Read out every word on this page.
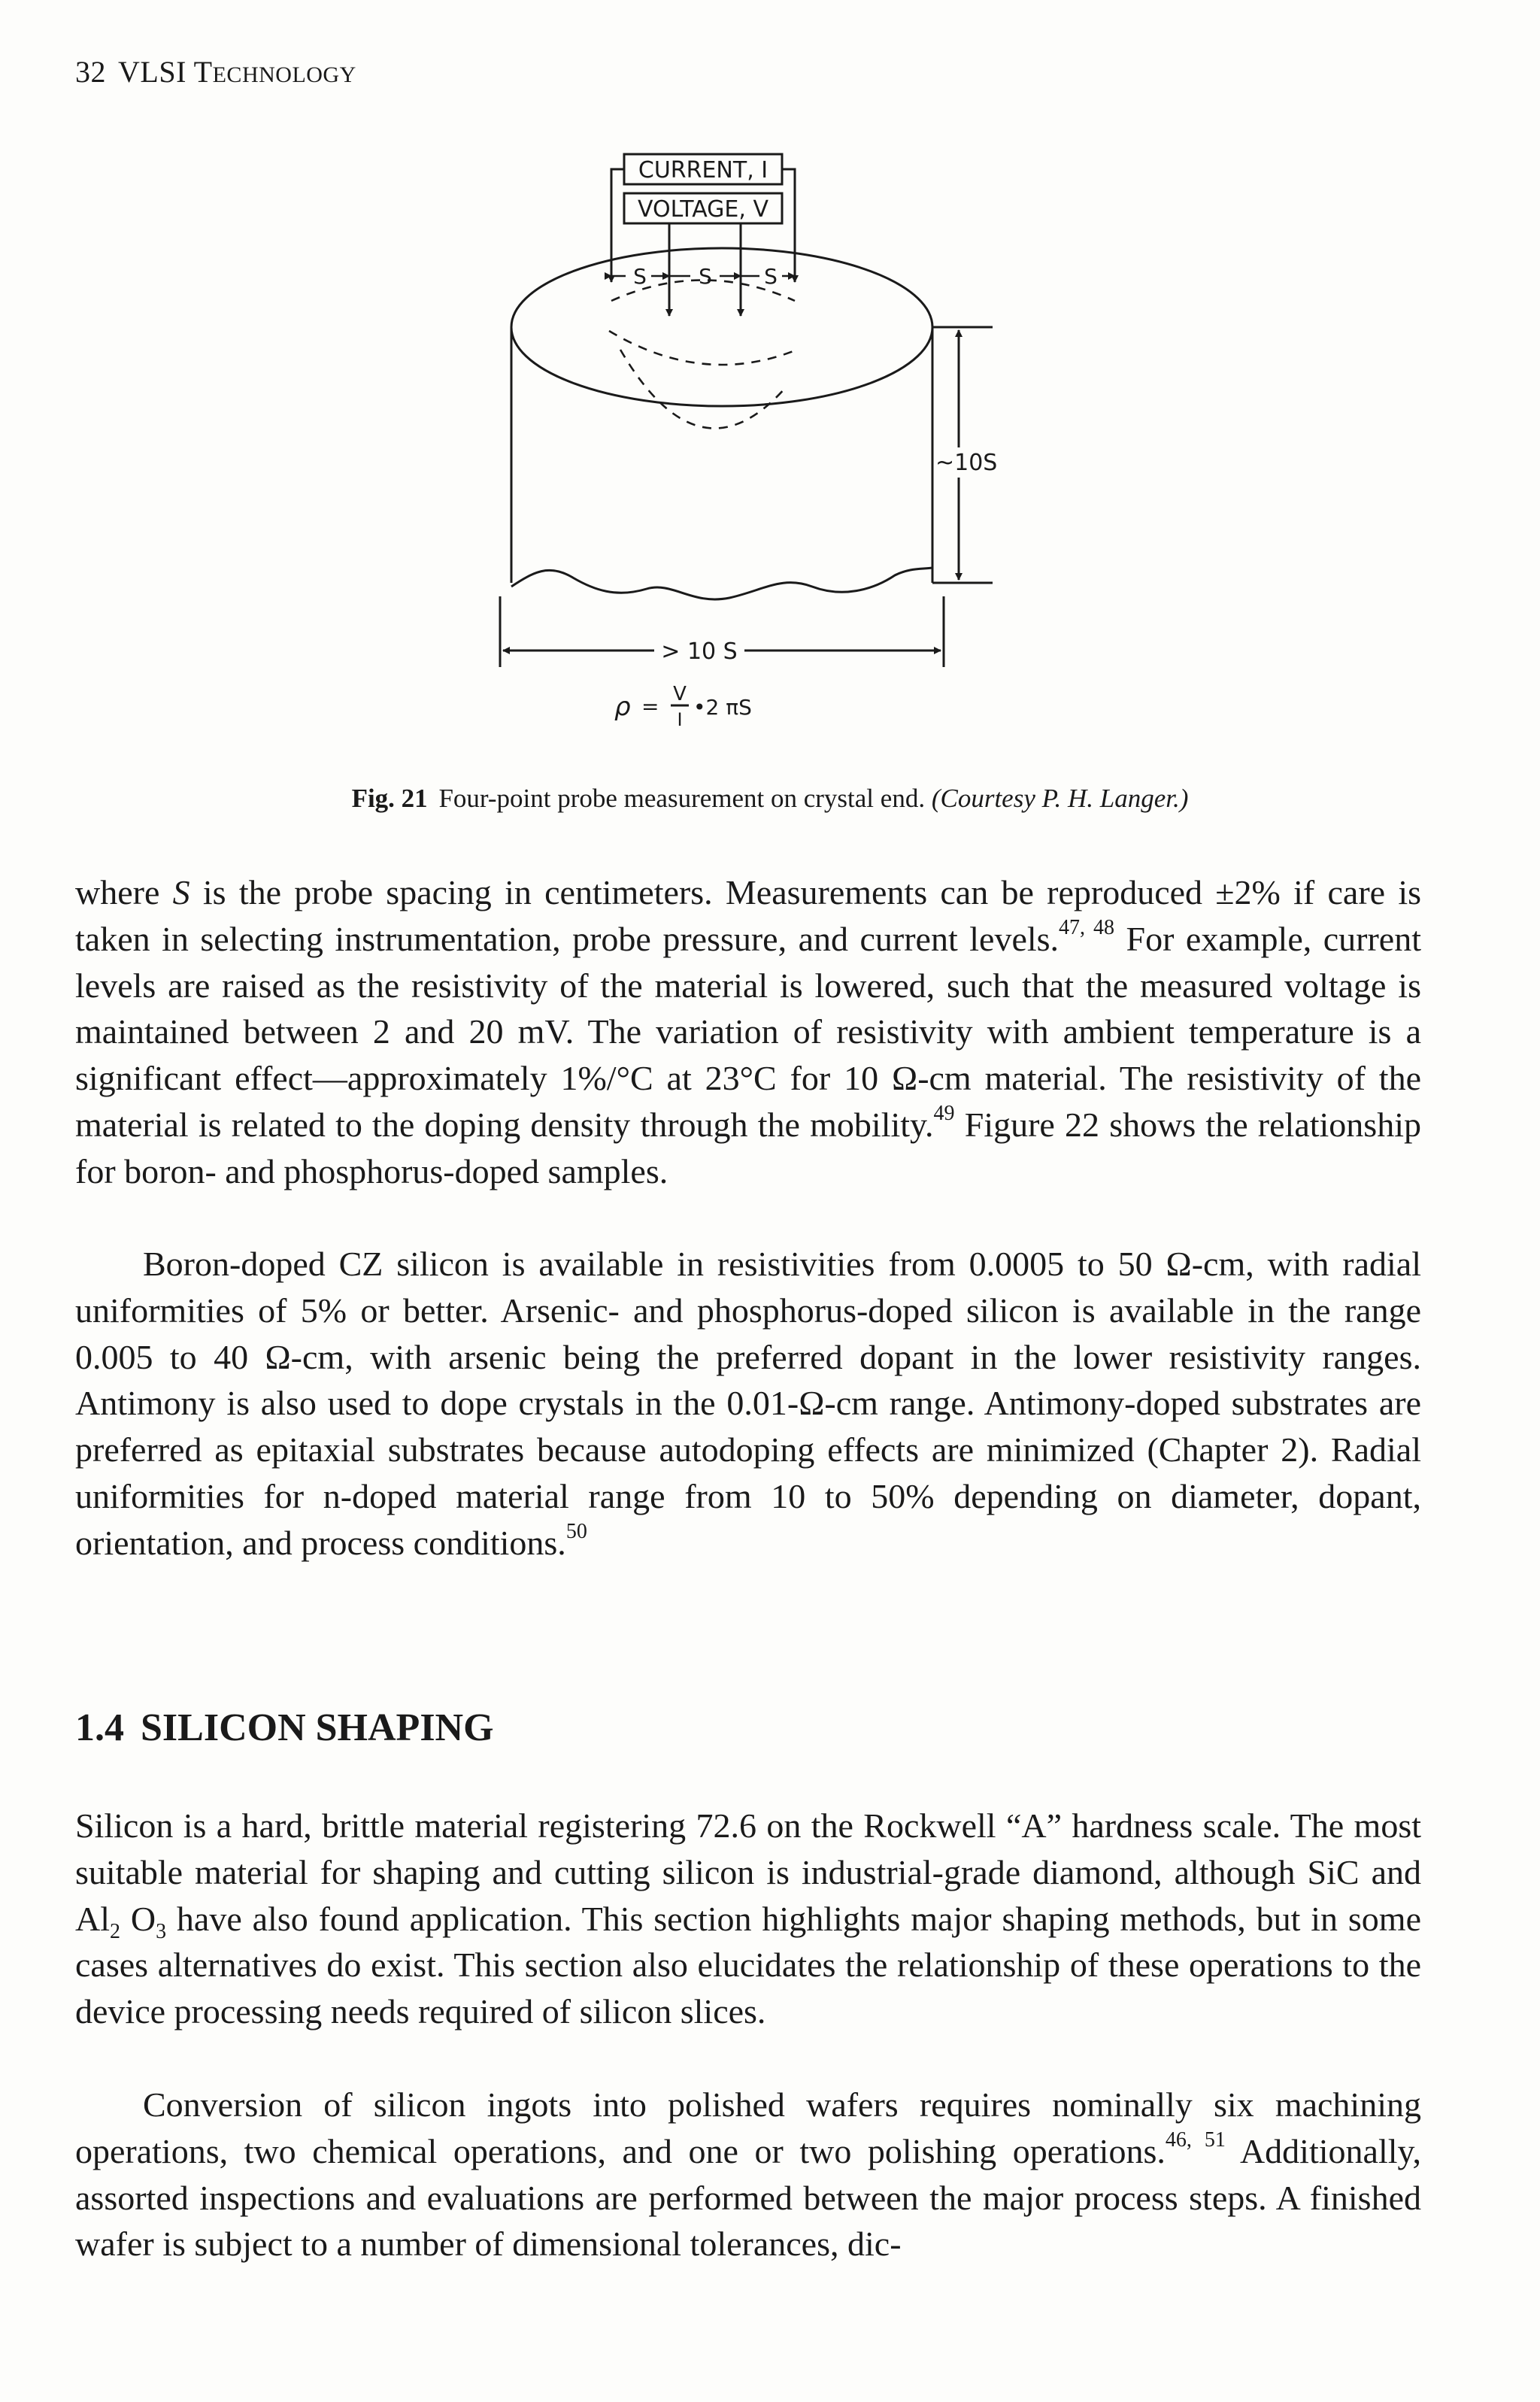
32 VLSI TECHNOLOGY
CURRENT, I
VOLTAGE, V
S S S
~10S
> 10 S
ρ = V
I •2 πS
Fig. 21 Four-point probe measurement on crystal end. (Courtesy P. H. Langer.)

where S is the probe spacing in centimeters. Measurements can be reproduced ±2% if care is taken in selecting instrumentation, probe pressure, and current levels.$^{47, 48}$ For example, current levels are raised as the resistivity of the material is lowered, such that the measured voltage is maintained between 2 and 20 mV. The variation of resistivity with ambient temperature is a significant effect—approximately 1%/°C at 23°C for 10 Ω-cm material. The resistivity of the material is related to the doping density through the mobility.$^{49}$ Figure 22 shows the relationship for boron- and phosphorus-doped samples.

Boron-doped CZ silicon is available in resistivities from 0.0005 to 50 Ω-cm, with radial uniformities of 5% or better. Arsenic- and phosphorus-doped silicon is available in the range 0.005 to 40 Ω-cm, with arsenic being the preferred dopant in the lower resistivity ranges. Antimony is also used to dope crystals in the 0.01-Ω-cm range. Antimony-doped substrates are preferred as epitaxial substrates because autodoping effects are minimized (Chapter 2). Radial uniformities for n-doped material range from 10 to 50% depending on diameter, dopant, orientation, and process conditions.$^{50}$

1.4 SILICON SHAPING

Silicon is a hard, brittle material registering 72.6 on the Rockwell “A” hardness scale. The most suitable material for shaping and cutting silicon is industrial-grade diamond, although SiC and $Al_2$ $O_3$ have also found application. This section highlights major shaping methods, but in some cases alternatives do exist. This section also elucidates the relationship of these operations to the device processing needs required of silicon slices.

Conversion of silicon ingots into polished wafers requires nominally six machining operations, two chemical operations, and one or two polishing operations.$^{46, 51}$ Additionally, assorted inspections and evaluations are performed between the major process steps. A finished wafer is subject to a number of dimensional tolerances, dic-
